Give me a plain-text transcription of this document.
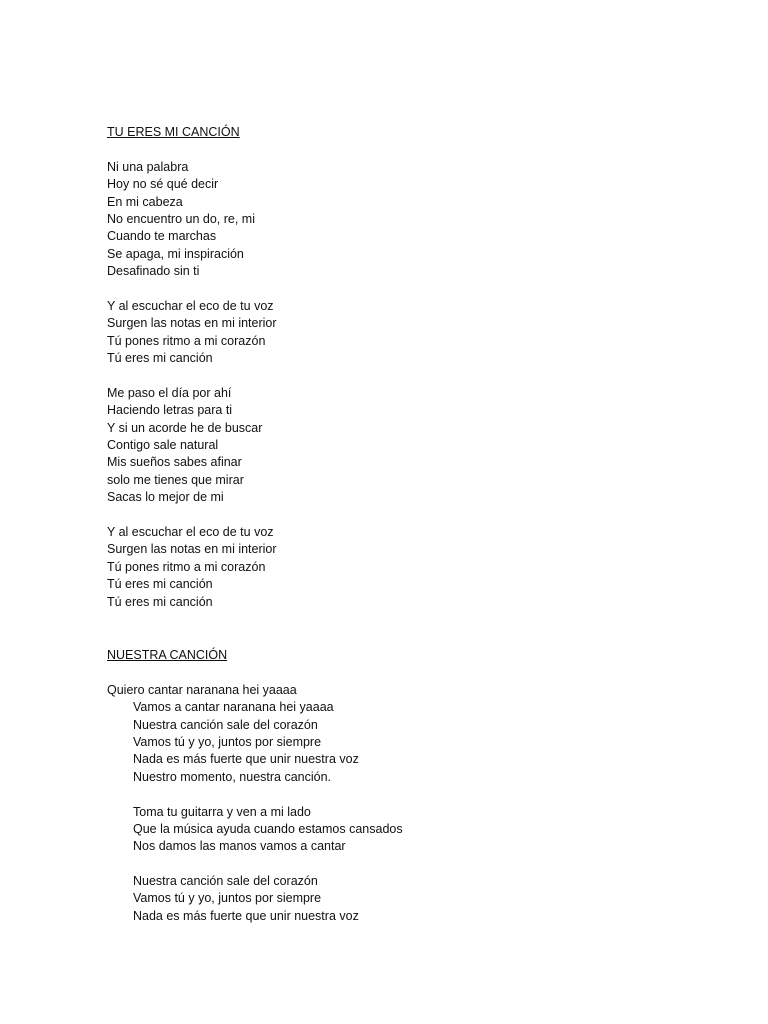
TU ERES MI CANCIÓN
Ni una palabra
Hoy no sé qué decir
En mi cabeza
No encuentro un do, re, mi
Cuando te marchas
Se apaga, mi inspiración
Desafinado sin ti
Y al escuchar el eco de tu voz
Surgen las notas en mi interior
Tú pones ritmo a mi corazón
Tú eres mi canción
Me paso el día por ahí
Haciendo letras para ti
Y si un acorde he de buscar
Contigo sale natural
Mis sueños sabes afinar
solo me tienes que mirar
Sacas lo mejor de mi
Y al escuchar el eco de tu voz
Surgen las notas en mi interior
Tú pones ritmo a mi corazón
Tú eres mi canción
Tú eres mi canción
NUESTRA CANCIÓN
Quiero cantar naranana hei yaaaa
Vamos a cantar naranana hei yaaaa
Nuestra canción sale del corazón
Vamos tú y yo, juntos por siempre
Nada es más fuerte que unir nuestra voz
Nuestro momento, nuestra canción.
Toma tu guitarra y ven a mi lado
Que la música ayuda cuando estamos cansados
Nos damos las manos vamos a cantar
Nuestra canción sale del corazón
Vamos tú y yo, juntos por siempre
Nada es más fuerte que unir nuestra voz
